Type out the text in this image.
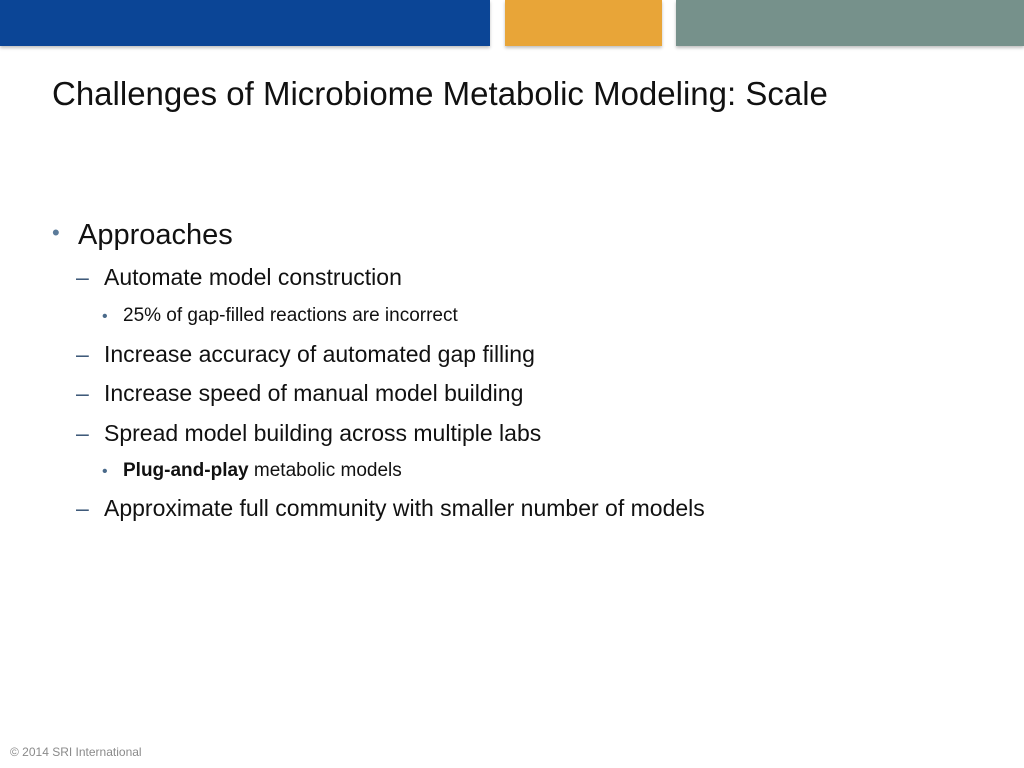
Challenges of Microbiome Metabolic Modeling: Scale
• Approaches
– Automate model construction
• 25% of gap-filled reactions are incorrect
– Increase accuracy of automated gap filling
– Increase speed of manual model building
– Spread model building across multiple labs
• Plug-and-play metabolic models
– Approximate full community with smaller number of models
© 2014 SRI International
